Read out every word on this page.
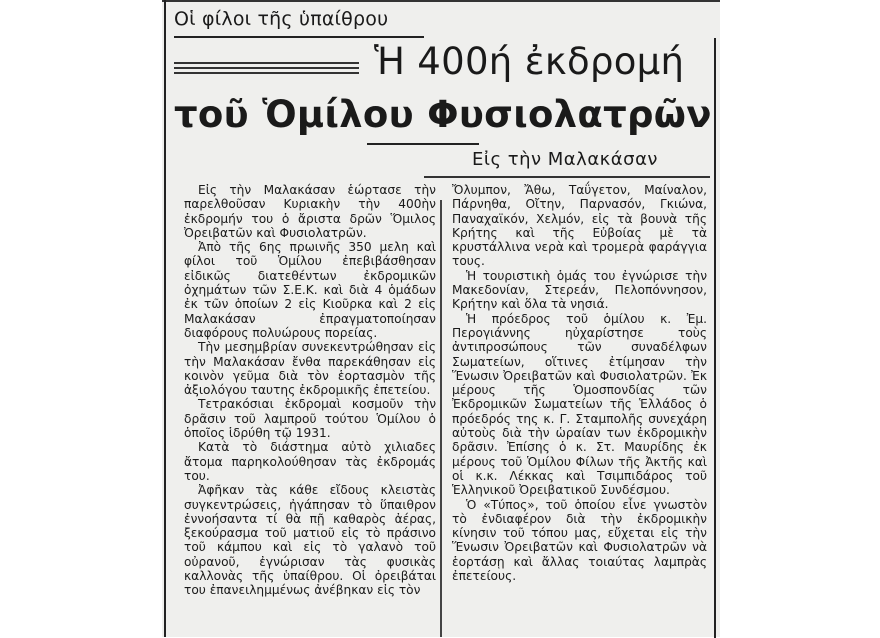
Οἱ φίλοι τῆς ὑπαίθρου
Ἡ 400ή ἐκδρομή
τοῦ Ὁμίλου Φυσιολατρῶν
Εἰς τὴν Μαλακάσαν

Εἰς τὴν Μαλακάσαν ἑώρτασε τὴν παρελθοῦσαν Κυριακὴν τὴν 400ὴν ἐκδρομήν του ὁ ἄριστα δρῶν Ὅμιλος Ὀρειβατῶν καὶ Φυσιολατρῶν.

Ἀπὸ τῆς 6ης πρωινῆς 350 μελη καὶ φίλοι τοῦ Ὁμίλου ἐπεβιβάσθησαν εἰδικῶς διατεθέντων ἐκδρομικῶν ὀχημάτων τῶν Σ.Ε.Κ. καὶ διὰ 4 ὁμάδων ἐκ τῶν ὁποίων 2 εἰς Κιοῦρκα καὶ 2 εἰς Μαλακάσαν ἐπραγματοποίησαν διαφόρους πολυώρους πορείας.

Τὴν μεσημβρίαν συνεκεντρώθησαν εἰς τὴν Μαλακάσαν ἔνθα παρεκάθησαν εἰς κοινὸν γεῦμα διὰ τὸν ἑορτασμὸν τῆς ἀξιολόγου ταυτης ἐκδρομικῆς ἐπετείου.

Τετρακόσιαι ἐκδρομαὶ κοσμοῦν τὴν δρᾶσιν τοῦ λαμπροῦ τούτου Ὁμίλου ὁ ὁποῖος ἱδρύθη τῷ 1931.

Κατὰ τὸ διάστημα αὐτὸ χιλιαδες ἄτομα παρηκολούθησαν τὰς ἐκδρομάς του.

Ἀφῆκαν τὰς κάθε εἴδους κλειστὰς συγκεντρώσεις, ἠγάπησαν τὸ ὕπαιθρον ἐννοήσαντα τί θὰ πῇ καθαρὸς ἀέρας, ξεκούρασμα τοῦ ματιοῦ εἰς τὸ πράσινο τοῦ κάμπου καὶ εἰς τὸ γαλανὸ τοῦ οὐρανοῦ, ἐγνώρισαν τὰς φυσικὰς καλλονὰς τῆς ὑπαίθρου. Οἱ ὀρειβάται του ἐπανειλημμένως ἀνέβηκαν εἰς τὸν

Ὄλυμπον, Ἄθω, Ταΰγετον, Μαίναλον, Πάρνηθα, Οἴτην, Παρνασόν, Γκιώνα, Παναχαϊκόν, Χελμόν, εἰς τὰ βουνὰ τῆς Κρήτης καὶ τῆς Εὐβοίας μὲ τὰ κρυστάλλινα νερὰ καὶ τρομερὰ φαράγγια τους.

Ἡ τουριστικὴ ὁμάς του ἐγνώρισε τὴν Μακεδονίαν, Στερεάν, Πελοπόννησον, Κρήτην καὶ ὅλα τὰ νησιά.

Ἡ πρόεδρος τοῦ ὁμίλου κ. Ἐμ. Περογιάννης ηὐχαρίστησε τοὺς ἀντιπροσώπους τῶν συναδέλφων Σωματείων, οἵτινες ἐτίμησαν τὴν Ἕνωσιν Ὀρειβατῶν καὶ Φυσιολατρῶν. Ἐκ μέρους τῆς Ὁμοσπονδίας τῶν Ἐκδρομικῶν Σωματείων τῆς Ἑλλάδος ὁ πρόεδρός της κ. Γ. Σταμπολῆς συνεχάρη αὐτοὺς διὰ τὴν ὡραίαν των ἐκδρομικὴν δρᾶσιν. Ἐπίσης ὁ κ. Στ. Μαυρίδης ἐκ μέρους τοῦ Ὁμίλου Φίλων τῆς Ἀκτῆς καὶ οἱ κ.κ. Λέκκας καὶ Τσιμπιδάρος τοῦ Ἑλληνικοῦ Ὀρειβατικοῦ Συνδέσμου.

Ὁ «Τύπος», τοῦ ὁποίου εἶνε γνωστὸν τὸ ἐνδιαφέρον διὰ τὴν ἐκδρομικὴν κίνησιν τοῦ τόπου μας, εὔχεται εἰς τὴν Ἕνωσιν Ὀρειβατῶν καὶ Φυσιολατρῶν νὰ ἑορτάσῃ καὶ ἄλλας τοιαύτας λαμπρὰς ἐπετείους.
